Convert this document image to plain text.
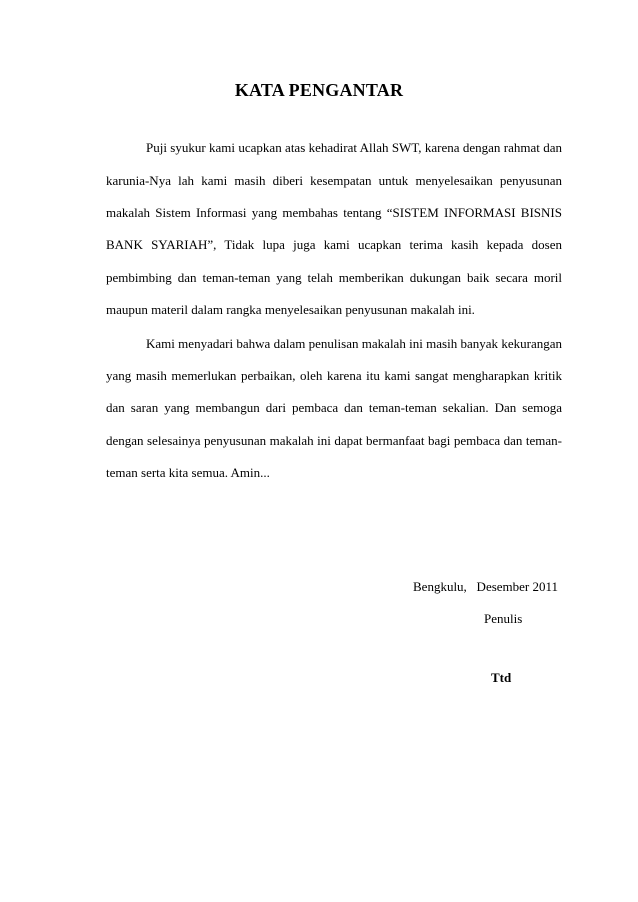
KATA PENGANTAR
Puji syukur kami ucapkan atas kehadirat Allah SWT, karena dengan rahmat dan
karunia-Nya lah kami masih diberi kesempatan untuk menyelesaikan penyusunan
makalah Sistem Informasi yang membahas tentang “SISTEM INFORMASI BISNIS
BANK SYARIAH”, Tidak lupa juga kami ucapkan terima kasih kepada dosen
pembimbing dan teman-teman yang telah memberikan dukungan baik secara moril
maupun materil dalam rangka menyelesaikan penyusunan makalah ini.
Kami menyadari bahwa dalam penulisan makalah ini masih banyak kekurangan
yang masih memerlukan perbaikan, oleh karena itu kami sangat mengharapkan kritik
dan saran yang membangun dari pembaca dan teman-teman sekalian. Dan semoga
dengan selesainya penyusunan makalah ini dapat bermanfaat bagi pembaca dan teman-
teman serta kita semua. Amin...
Bengkulu,   Desember 2011
Penulis
Ttd
